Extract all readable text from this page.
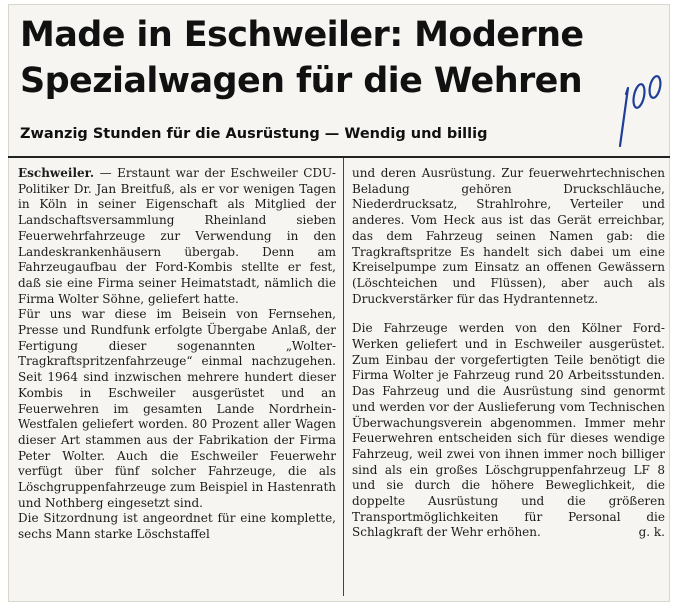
Made in Eschweiler: Moderne
Spezialwagen für die Wehren
Zwanzig Stunden für die Ausrüstung — Wendig und billig

Eschweiler. — Erstaunt war der Eschweiler CDU-Politiker Dr. Jan Breitfuß, als er vor wenigen Tagen in Köln in seiner Eigenschaft als Mitglied der Landschaftsversammlung Rheinland sieben Feuerwehrfahrzeuge zur Verwendung in den Landeskrankenhäusern übergab. Denn am Fahrzeugaufbau der Ford-Kombis stellte er fest, daß sie eine Firma seiner Heimatstadt, nämlich die Firma Wolter Söhne, geliefert hatte.

Für uns war diese im Beisein von Fernsehen, Presse und Rundfunk erfolgte Übergabe Anlaß, der Fertigung dieser sogenannten „Wolter-Tragkraftspritzenfahrzeuge“ einmal nachzugehen. Seit 1964 sind inzwischen mehrere hundert dieser Kombis in Eschweiler ausgerüstet und an Feuerwehren im gesamten Lande Nordrhein-Westfalen geliefert worden. 80 Prozent aller Wagen dieser Art stammen aus der Fabrikation der Firma Peter Wolter. Auch die Eschweiler Feuerwehr verfügt über fünf solcher Fahrzeuge, die als Löschgruppenfahrzeuge zum Beispiel in Hastenrath und Nothberg eingesetzt sind.

Die Sitzordnung ist angeordnet für eine komplette, sechs Mann starke Löschstaffel

und deren Ausrüstung. Zur feuerwehrtechnischen Beladung gehören Druckschläuche, Niederdrucksatz, Strahlrohre, Verteiler und anderes. Vom Heck aus ist das Gerät erreichbar, das dem Fahrzeug seinen Namen gab: die Tragkraftspritze Es handelt sich dabei um eine Kreiselpumpe zum Einsatz an offenen Gewässern (Löschteichen und Flüssen), aber auch als Druckverstärker für das Hydrantennetz.

Die Fahrzeuge werden von den Kölner Ford-Werken geliefert und in Eschweiler ausgerüstet. Zum Einbau der vorgefertigten Teile benötigt die Firma Wolter je Fahrzeug rund 20 Arbeitsstunden. Das Fahrzeug und die Ausrüstung sind genormt und werden vor der Auslieferung vom Technischen Überwachungsverein abgenommen. Immer mehr Feuerwehren entscheiden sich für dieses wendige Fahrzeug, weil zwei von ihnen immer noch billiger sind als ein großes Löschgruppenfahrzeug LF 8 und sie durch die höhere Beweglichkeit, die doppelte Ausrüstung und die größeren Transportmöglichkeiten für Personal die Schlagkraft der Wehr erhöhen.	g. k.
